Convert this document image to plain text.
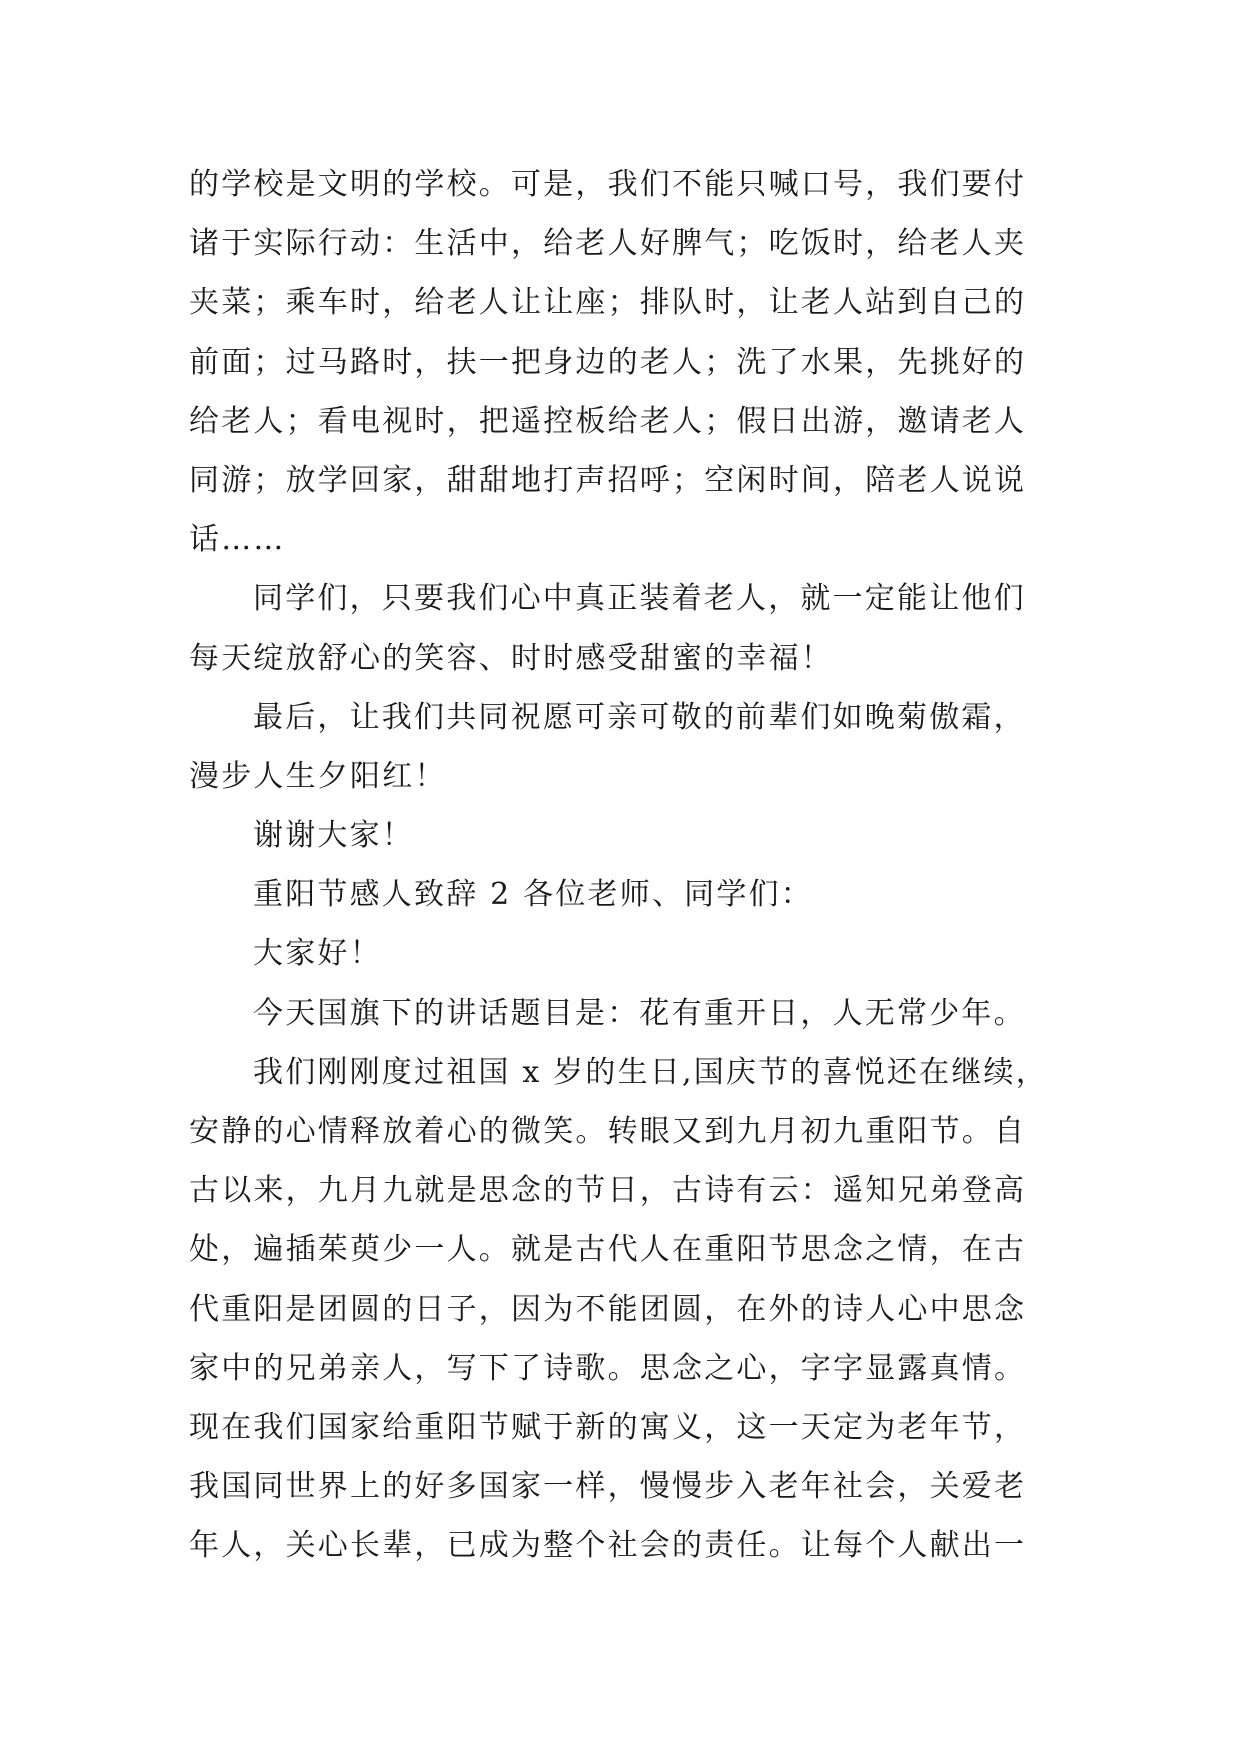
的学校是文明的学校。可是，我们不能只喊口号，我们要付
诸于实际行动：生活中，给老人好脾气；吃饭时，给老人夹
夹菜；乘车时，给老人让让座；排队时，让老人站到自己的
前面；过马路时，扶一把身边的老人；洗了水果，先挑好的
给老人；看电视时，把遥控板给老人；假日出游，邀请老人
同游；放学回家，甜甜地打声招呼；空闲时间，陪老人说说
话……
同学们，只要我们心中真正装着老人，就一定能让他们
每天绽放舒心的笑容、时时感受甜蜜的幸福！
最后，让我们共同祝愿可亲可敬的前辈们如晚菊傲霜，
漫步人生夕阳红！
谢谢大家！
重阳节感人致辞 2 各位老师、同学们：
大家好！
今天国旗下的讲话题目是：花有重开日，人无常少年。
我们刚刚度过祖国 x 岁的生日,国庆节的喜悦还在继续，
安静的心情释放着心的微笑。转眼又到九月初九重阳节。自
古以来，九月九就是思念的节日，古诗有云：遥知兄弟登高
处，遍插茱萸少一人。就是古代人在重阳节思念之情，在古
代重阳是团圆的日子，因为不能团圆，在外的诗人心中思念
家中的兄弟亲人，写下了诗歌。思念之心，字字显露真情。
现在我们国家给重阳节赋于新的寓义，这一天定为老年节，
我国同世界上的好多国家一样，慢慢步入老年社会，关爱老
年人，关心长辈，已成为整个社会的责任。让每个人献出一
